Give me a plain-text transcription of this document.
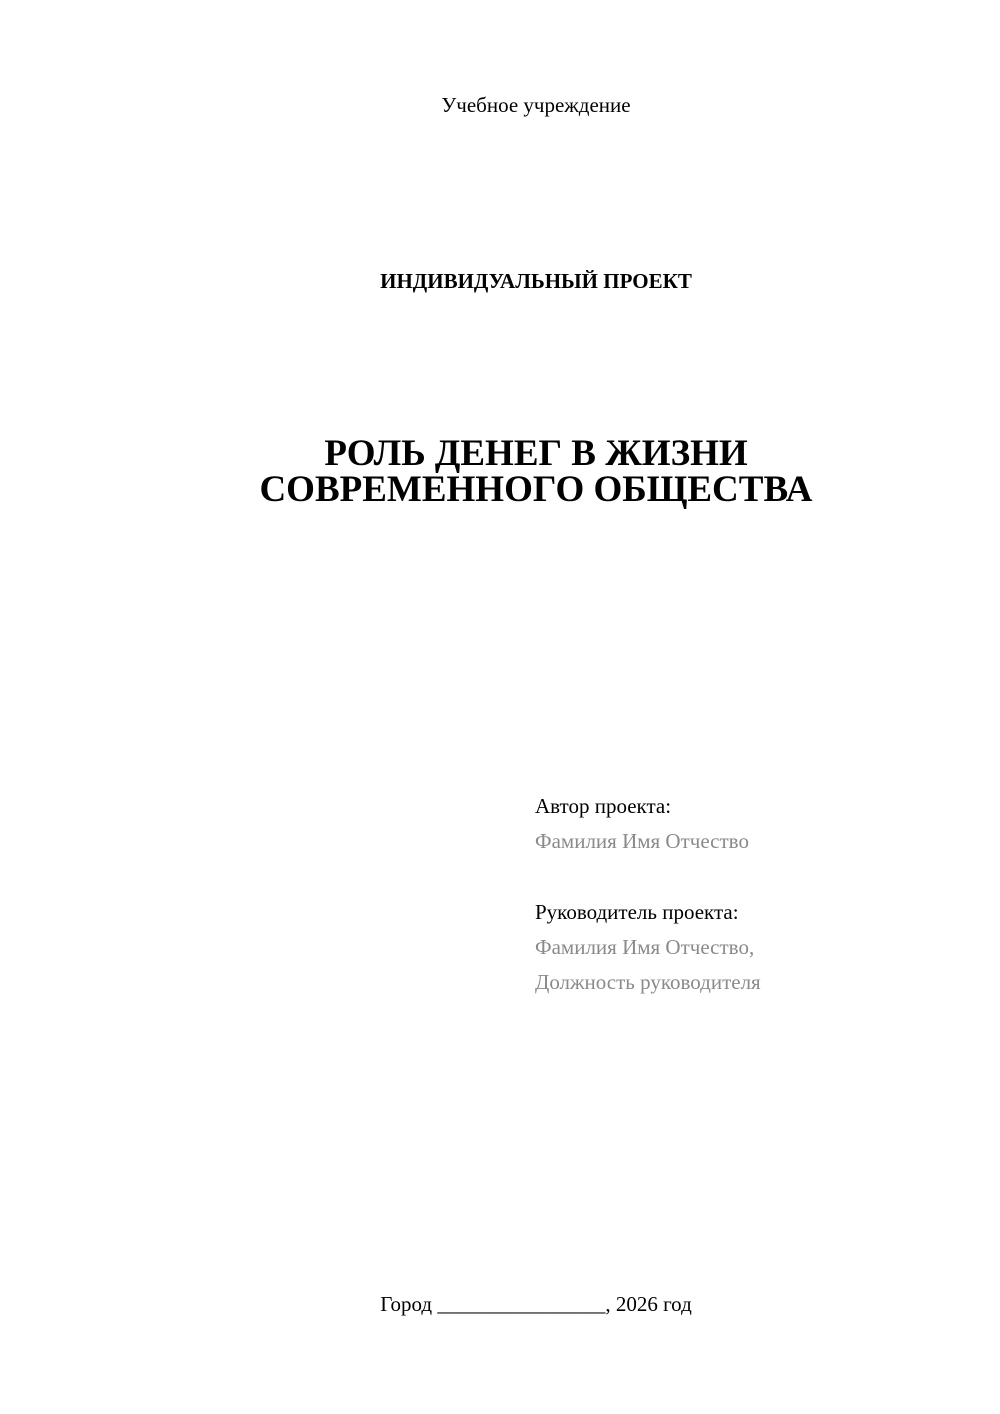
Учебное учреждение
ИНДИВИДУАЛЬНЫЙ ПРОЕКТ
РОЛЬ ДЕНЕГ В ЖИЗНИ
СОВРЕМЕННОГО ОБЩЕСТВА
Автор проекта:
Фамилия Имя Отчество
Руководитель проекта:
Фамилия Имя Отчество,
Должность руководителя
Город ________________, 2026 год
